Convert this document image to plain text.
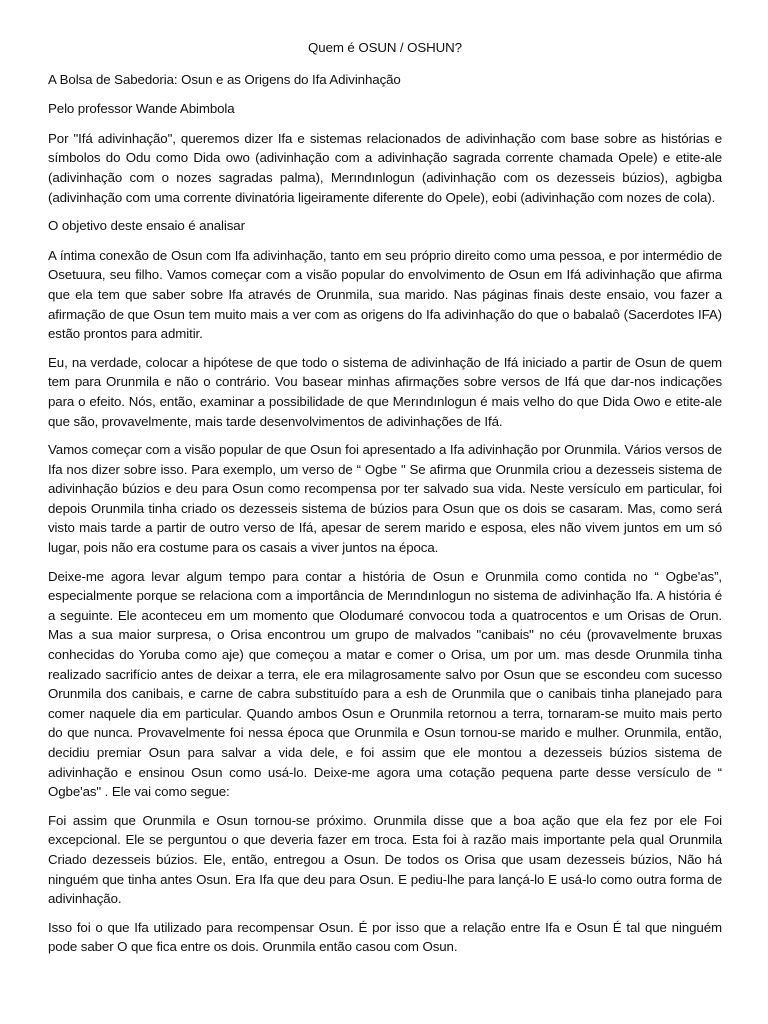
Quem é OSUN / OSHUN?
A Bolsa de Sabedoria: Osun e as Origens do Ifa Adivinhação
Pelo professor Wande Abimbola
Por "Ifá adivinhação", queremos dizer Ifa e sistemas relacionados de adivinhação com base sobre as histórias e símbolos do Odu como Dida owo (adivinhação com a adivinhação sagrada corrente chamada Opele) e etite-ale (adivinhação com o nozes sagradas palma), Merındınlogun (adivinhação com os dezesseis búzios), agbigba (adivinhação com uma corrente divinatória ligeiramente diferente do Opele), eobi (adivinhação com nozes de cola).
O objetivo deste ensaio é analisar
A íntima conexão de Osun com Ifa adivinhação, tanto em seu próprio direito como uma pessoa, e por intermédio de Osetuura, seu filho. Vamos começar com a visão popular do envolvimento de Osun em Ifá adivinhação que afirma que ela tem que saber sobre Ifa através de Orunmila, sua marido. Nas páginas finais deste ensaio, vou fazer a afirmação de que Osun tem muito mais a ver com as origens do Ifa adivinhação do que o babalaô (Sacerdotes IFA) estão prontos para admitir.
Eu, na verdade, colocar a hipótese de que todo o sistema de adivinhação de Ifá iniciado a partir de Osun de quem tem para Orunmila e não o contrário. Vou basear minhas afirmações sobre versos de Ifá que dar-nos indicações para o efeito. Nós, então, examinar a possibilidade de que Merındınlogun é mais velho do que Dida Owo e etite-ale que são, provavelmente, mais tarde desenvolvimentos de adivinhações de Ifá.
Vamos começar com a visão popular de que Osun foi apresentado a Ifa adivinhação por Orunmila. Vários versos de Ifa nos dizer sobre isso. Para exemplo, um verso de “ Ogbe " Se afirma que Orunmila criou a dezesseis sistema de adivinhação búzios e deu para Osun como recompensa por ter salvado sua vida. Neste versículo em particular, foi depois Orunmila tinha criado os dezesseis sistema de búzios para Osun que os dois se casaram. Mas, como será visto mais tarde a partir de outro verso de Ifá, apesar de serem marido e esposa, eles não vivem juntos em um só lugar, pois não era costume para os casais a viver juntos na época.
Deixe-me agora levar algum tempo para contar a história de Osun e Orunmila como contida no “ Ogbe'as”, especialmente porque se relaciona com a importância de Merındınlogun no sistema de adivinhação Ifa. A história é a seguinte. Ele aconteceu em um momento que Olodumaré convocou toda a quatrocentos e um Orisas de Orun. Mas a sua maior surpresa, o Orisa encontrou um grupo de malvados "canibais" no céu (provavelmente bruxas conhecidas do Yoruba como aje) que começou a matar e comer o Orisa, um por um. mas desde Orunmila tinha realizado sacrifício antes de deixar a terra, ele era milagrosamente salvo por Osun que se escondeu com sucesso Orunmila dos canibais, e carne de cabra substituído para a esh de Orunmila que o canibais tinha planejado para comer naquele dia em particular. Quando ambos Osun e Orunmila retornou a terra, tornaram-se muito mais perto do que nunca. Provavelmente foi nessa época que Orunmila e Osun tornou-se marido e mulher. Orunmila, então, decidiu premiar Osun para salvar a vida dele, e foi assim que ele montou a dezesseis búzios sistema de adivinhação e ensinou Osun como usá-lo. Deixe-me agora uma cotação pequena parte desse versículo de “ Ogbe'as" . Ele vai como segue:
Foi assim que Orunmila e Osun tornou-se próximo. Orunmila disse que a boa ação que ela fez por ele Foi excepcional. Ele se perguntou o que deveria fazer em troca. Esta foi à razão mais importante pela qual Orunmila Criado dezesseis búzios. Ele, então, entregou a Osun. De todos os Orisa que usam dezesseis búzios, Não há ninguém que tinha antes Osun. Era Ifa que deu para Osun. E pediu-lhe para lançá-lo E usá-lo como outra forma de adivinhação.
Isso foi o que Ifa utilizado para recompensar Osun. É por isso que a relação entre Ifa e Osun É tal que ninguém pode saber O que fica entre os dois. Orunmila então casou com Osun.
